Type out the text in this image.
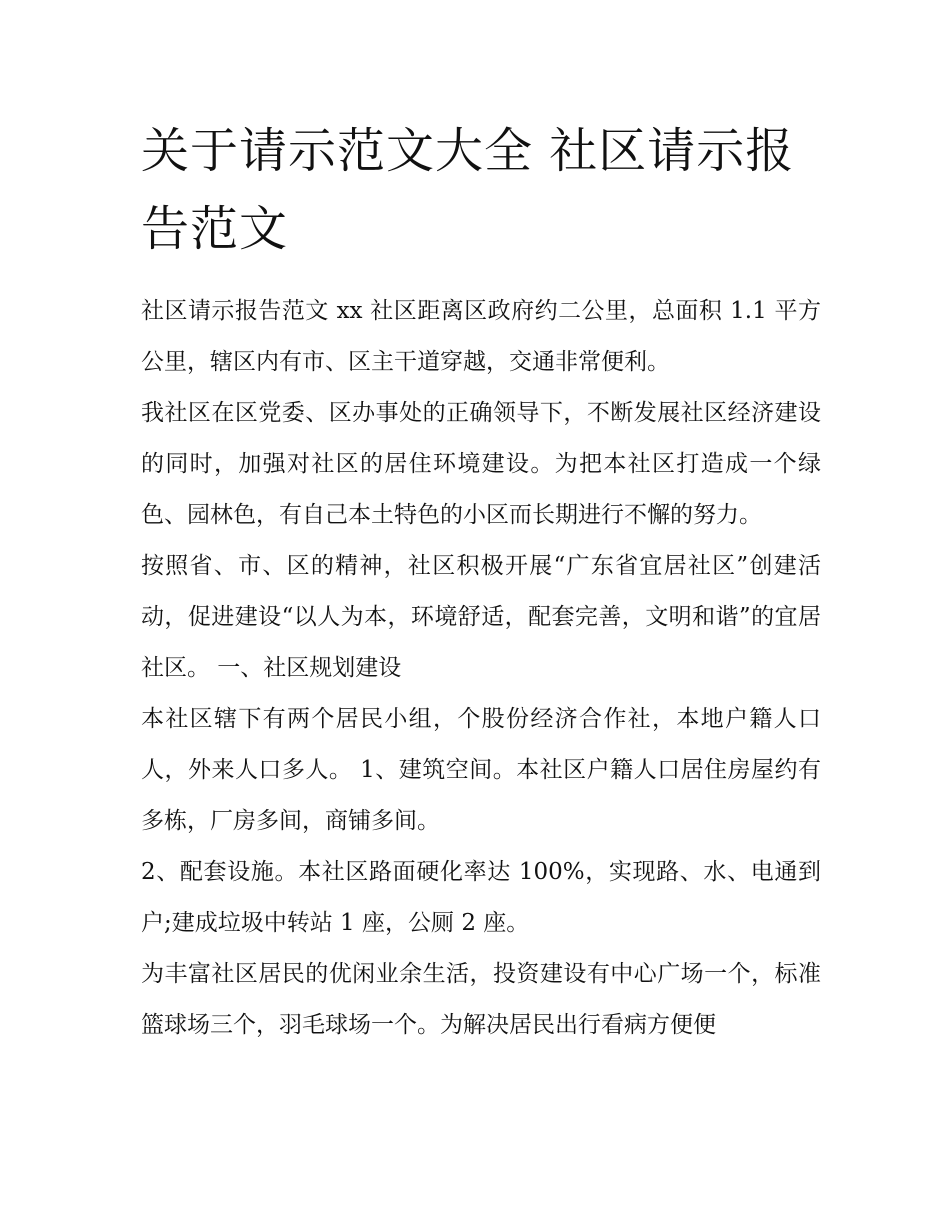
关于请示范文大全 社区请示报告范文

社区请示报告范文 xx 社区距离区政府约二公里，总面积 1.1 平方公里，辖区内有市、区主干道穿越，交通非常便利。

我社区在区党委、区办事处的正确领导下，不断发展社区经济建设的同时，加强对社区的居住环境建设。为把本社区打造成一个绿色、园林色，有自己本土特色的小区而长期进行不懈的努力。

按照省、市、区的精神，社区积极开展“广东省宜居社区”创建活动，促进建设“以人为本，环境舒适，配套完善，文明和谐”的宜居社区。 一、社区规划建设

本社区辖下有两个居民小组，个股份经济合作社，本地户籍人口人，外来人口多人。 1、建筑空间。本社区户籍人口居住房屋约有多栋，厂房多间，商铺多间。

2、配套设施。本社区路面硬化率达 100%，实现路、水、电通到户;建成垃圾中转站 1 座，公厕 2 座。

为丰富社区居民的优闲业余生活，投资建设有中心广场一个，标准篮球场三个，羽毛球场一个。为解决居民出行看病方便便
